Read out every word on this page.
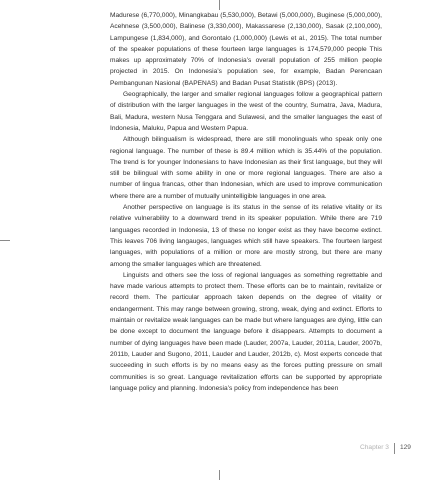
Madurese (6,770,000), Minangkabau (5,530,000), Betawi (5,000,000), Buginese (5,000,000), Acehnese (3,500,000), Balinese (3,330,000), Makassarese (2,130,000), Sasak (2,100,000), Lampungese (1,834,000), and Gorontalo (1,000,000) (Lewis et al., 2015). The total number of the speaker populations of these fourteen large languages is 174,579,000 people This makes up approximately 70% of Indonesia’s overall population of 255 million people projected in 2015. On Indonesia’s population see, for example, Badan Perencaan Pembangunan Nasional (BAPENAS) and Badan Pusat Statistik (BPS) (2013).

Geographically, the larger and smaller regional languages follow a geographical pattern of distribution with the larger languages in the west of the country, Sumatra, Java, Madura, Bali, Madura, western Nusa Tenggara and Sulawesi, and the smaller languages the east of Indonesia, Maluku, Papua and Western Papua.

Although bilingualism is widespread, there are still monolinguals who speak only one regional language. The number of these is 89.4 million which is 35.44% of the population. The trend is for younger Indonesians to have Indonesian as their first language, but they will still be bilingual with some ability in one or more regional languages. There are also a number of lingua francas, other than Indonesian, which are used to improve communication where there are a number of mutually unintelligible languages in one area.

Another perspective on language is its status in the sense of its relative vitality or its relative vulnerability to a downward trend in its speaker population. While there are 719 languages recorded in Indonesia, 13 of these no longer exist as they have become extinct. This leaves 706 living langauges, languages which still have speakers. The fourteen largest languages, with populations of a million or more are mostly strong, but there are many among the smaller languages which are threatened.

Linguists and others see the loss of regional languages as something regrettable and have made various attempts to protect them. These efforts can be to maintain, revitalize or record them. The particular approach taken depends on the degree of vitality or endangerment. This may range between growing, strong, weak, dying and extinct. Efforts to maintain or revitalize weak languages can be made but where languages are dying, little can be done except to document the language before it disappears. Attempts to document a number of dying languages have been made (Lauder, 2007a, Lauder, 2011a, Lauder, 2007b, 2011b, Lauder and Sugono, 2011, Lauder and Lauder, 2012b, c). Most experts concede that succeeding in such efforts is by no means easy as the forces putting pressure on small communities is so great. Language revitalization efforts can be supported by appropriate language policy and planning. Indonesia’s policy from independence has been

Chapter 3 129
